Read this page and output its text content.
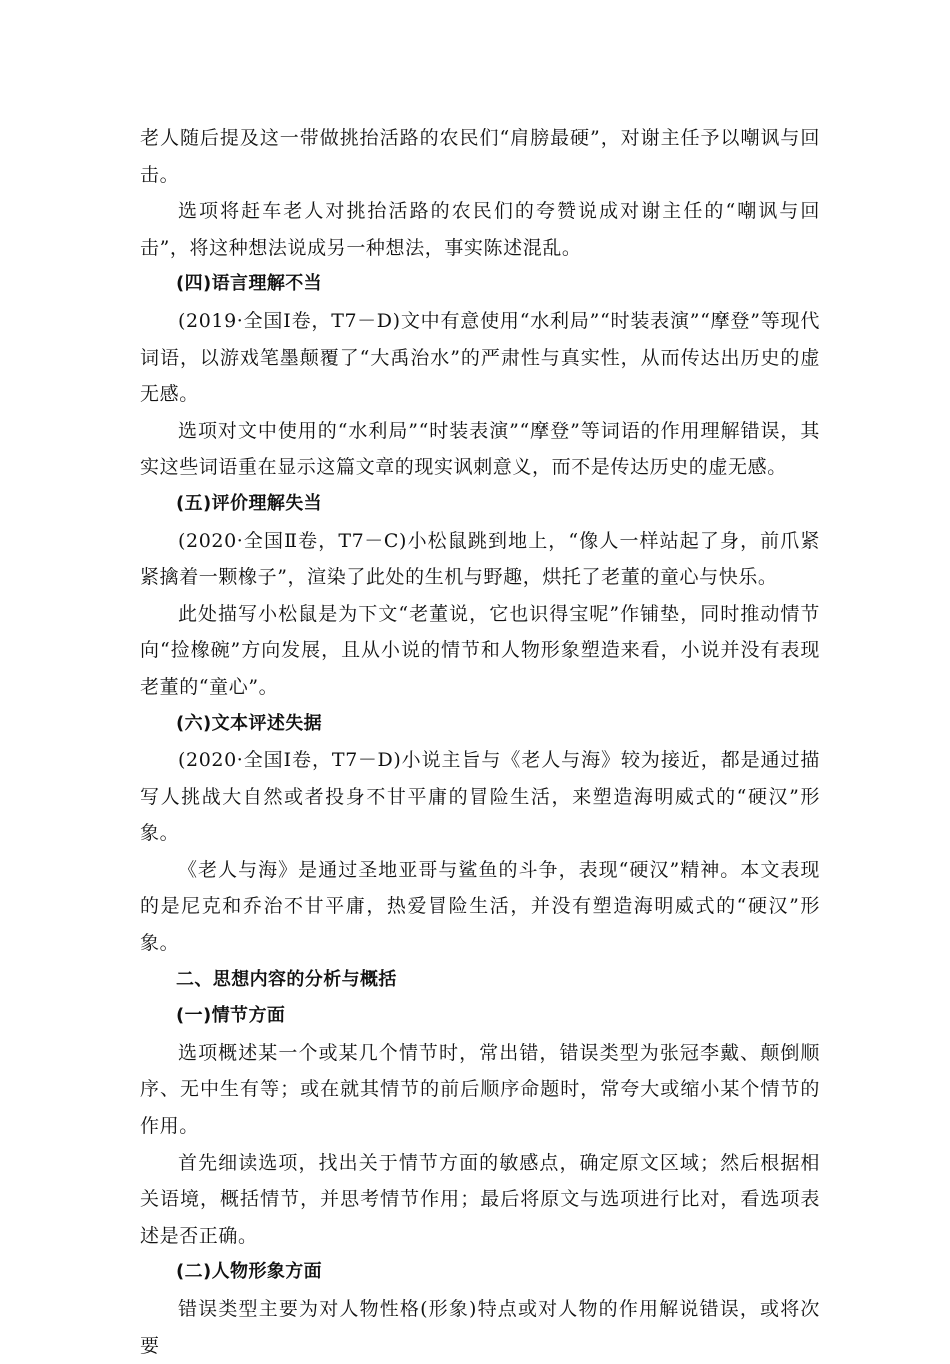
老人随后提及这一带做挑抬活路的农民们“肩膀最硬”，对谢主任予以嘲讽与回击。

选项将赶车老人对挑抬活路的农民们的夸赞说成对谢主任的“嘲讽与回击”，将这种想法说成另一种想法，事实陈述混乱。

(四)语言理解不当

(2019·全国Ⅰ卷，T7－D)文中有意使用“水利局”“时装表演”“摩登”等现代词语，以游戏笔墨颠覆了“大禹治水”的严肃性与真实性，从而传达出历史的虚无感。

选项对文中使用的“水利局”“时装表演”“摩登”等词语的作用理解错误，其实这些词语重在显示这篇文章的现实讽刺意义，而不是传达历史的虚无感。

(五)评价理解失当

(2020·全国Ⅱ卷，T7－C)小松鼠跳到地上，“像人一样站起了身，前爪紧紧擒着一颗橡子”，渲染了此处的生机与野趣，烘托了老董的童心与快乐。

此处描写小松鼠是为下文“老董说，它也识得宝呢”作铺垫，同时推动情节向“捡橡碗”方向发展，且从小说的情节和人物形象塑造来看，小说并没有表现老董的“童心”。

(六)文本评述失据

(2020·全国Ⅰ卷，T7－D)小说主旨与《老人与海》较为接近，都是通过描写人挑战大自然或者投身不甘平庸的冒险生活，来塑造海明威式的“硬汉”形象。

《老人与海》是通过圣地亚哥与鲨鱼的斗争，表现“硬汉”精神。本文表现的是尼克和乔治不甘平庸，热爱冒险生活，并没有塑造海明威式的“硬汉”形象。

二、思想内容的分析与概括

(一)情节方面

选项概述某一个或某几个情节时，常出错，错误类型为张冠李戴、颠倒顺序、无中生有等；或在就其情节的前后顺序命题时，常夸大或缩小某个情节的作用。

首先细读选项，找出关于情节方面的敏感点，确定原文区域；然后根据相关语境，概括情节，并思考情节作用；最后将原文与选项进行比对，看选项表述是否正确。

(二)人物形象方面

错误类型主要为对人物性格(形象)特点或对人物的作用解说错误，或将次要
